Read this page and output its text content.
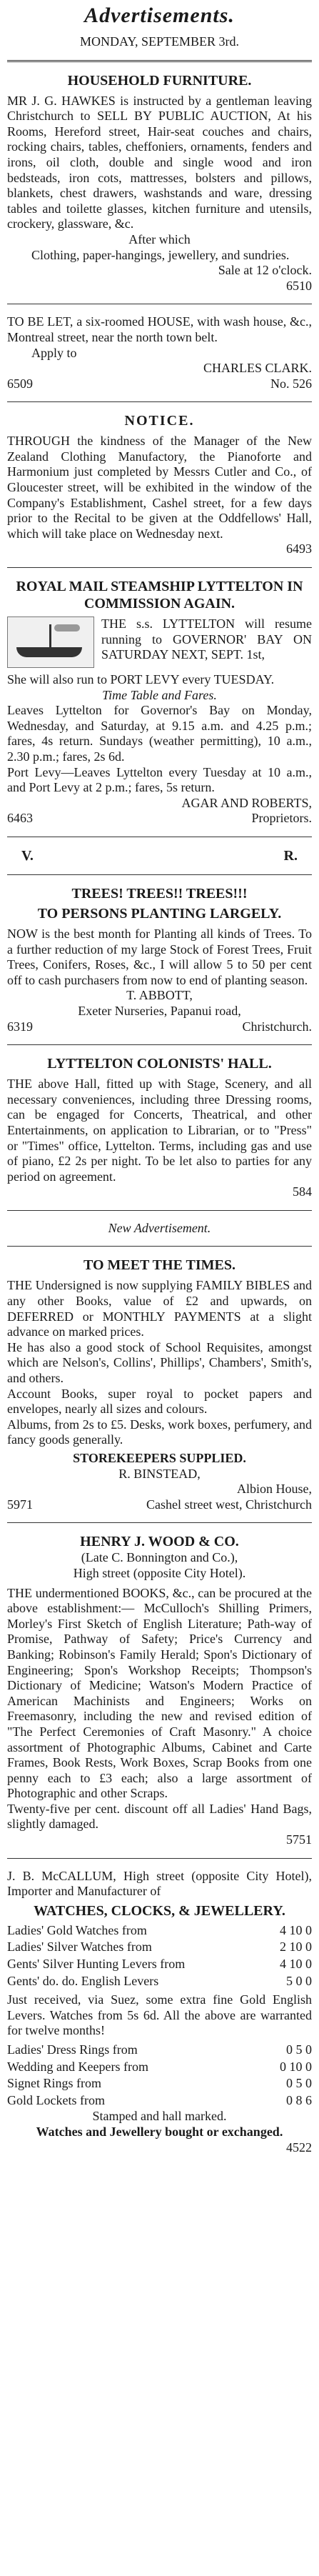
Advertisements.
MONDAY, SEPTEMBER 3rd.
HOUSEHOLD FURNITURE.
MR J. G. HAWKES is instructed by a gentleman leaving Christchurch to SELL BY PUBLIC AUCTION, At his Rooms, Hereford street, Hair-seat couches and chairs, rocking chairs, tables, cheffoniers, ornaments, fenders and irons, oil cloth, double and single wood and iron bedsteads, iron cots, mattresses, bolsters and pillows, blankets, chest drawers, washstands and ware, dressing tables and toilette glasses, kitchen furniture and utensils, crockery, glassware, &c.
After which
Clothing, paper-hangings, jewellery, and sundries.
Sale at 12 o'clock.
6510
TO BE LET, a six-roomed HOUSE, with wash house, &c., Montreal street, near the north town belt.
Apply to
CHARLES CLARK.
6509	No. 526
NOTICE.
THROUGH the kindness of the Manager of the New Zealand Clothing Manufactory, the Pianoforte and Harmonium just completed by Messrs Cutler and Co., of Gloucester street, will be exhibited in the window of the Company's Establishment, Cashel street, for a few days prior to the Recital to be given at the Oddfellows' Hall, which will take place on Wednesday next.
6493
ROYAL MAIL STEAMSHIP LYTTELTON IN COMMISSION AGAIN.
THE s.s. LYTTELTON will resume running to GOVERNOR' BAY ON SATURDAY NEXT, SEPT. 1st,
She will also run to PORT LEVY every TUESDAY.
Time Table and Fares.
Leaves Lyttelton for Governor's Bay on Monday, Wednesday, and Saturday, at 9.15 a.m. and 4.25 p.m.; fares, 4s return. Sundays (weather permitting), 10 a.m., 2.30 p.m.; fares, 2s 6d.
Port Levy—Leaves Lyttelton every Tuesday at 10 a.m., and Port Levy at 2 p.m.; fares, 5s return.
AGAR AND ROBERTS,
6463	Proprietors.
V.	R.
TREES! TREES!! TREES!!!
TO PERSONS PLANTING LARGELY.
NOW is the best month for Planting all kinds of Trees. To a further reduction of my large Stock of Forest Trees, Fruit Trees, Conifers, Roses, &c., I will allow 5 to 50 per cent off to cash purchasers from now to end of planting season.
T. ABBOTT,
Exeter Nurseries, Papanui road,
6319	Christchurch.
LYTTELTON COLONISTS' HALL.
THE above Hall, fitted up with Stage, Scenery, and all necessary conveniences, including three Dressing rooms, can be engaged for Concerts, Theatrical, and other Entertainments, on application to Librarian, or to "Press" or "Times" office, Lyttelton. Terms, including gas and use of piano, £2 2s per night. To be let also to parties for any period on agreement.
584
New Advertisement.
TO MEET THE TIMES.
THE Undersigned is now supplying FAMILY BIBLES and any other Books, value of £2 and upwards, on DEFERRED or MONTHLY PAYMENTS at a slight advance on marked prices.
He has also a good stock of School Requisites, amongst which are Nelson's, Collins', Phillips', Chambers', Smith's, and others.
Account Books, super royal to pocket papers and envelopes, nearly all sizes and colours.
Albums, from 2s to £5. Desks, work boxes, perfumery, and fancy goods generally.
STOREKEEPERS SUPPLIED.
R. BINSTEAD,
Albion House,
5971	Cashel street west, Christchurch
HENRY J. WOOD & CO.
(Late C. Bonnington and Co.),
High street (opposite City Hotel).
THE undermentioned BOOKS, &c., can be procured at the above establishment:— McCulloch's Shilling Primers, Morley's First Sketch of English Literature; Path-way of Promise, Pathway of Safety; Price's Currency and Banking; Robinson's Family Herald; Spon's Dictionary of Engineering; Spon's Workshop Receipts; Thompson's Dictionary of Medicine; Watson's Modern Practice of American Machinists and Engineers; Works on Freemasonry, including the new and revised edition of "The Perfect Ceremonies of Craft Masonry." A choice assortment of Photographic Albums, Cabinet and Carte Frames, Book Rests, Work Boxes, Scrap Books from one penny each to £3 each; also a large assortment of Photographic and other Scraps.
Twenty-five per cent. discount off all Ladies' Hand Bags, slightly damaged.
5751
J. B. McCALLUM, High street (opposite City Hotel), Importer and Manufacturer of
WATCHES, CLOCKS, & JEWELLERY.
Ladies' Gold Watches from	4 10 0
Ladies' Silver Watches from	2 10 0
Gents' Silver Hunting Levers from	4 10 0
Gents' do. do. English Levers	5 0 0
Just received, via Suez, some extra fine Gold English Levers. Watches from 5s 6d. All the above are warranted for twelve months!
Ladies' Dress Rings from	0 5 0
Wedding and Keepers from	0 10 0
Signet Rings from	0 5 0
Gold Lockets from	0 8 6
Stamped and hall marked.
Watches and Jewellery bought or exchanged.
4522
